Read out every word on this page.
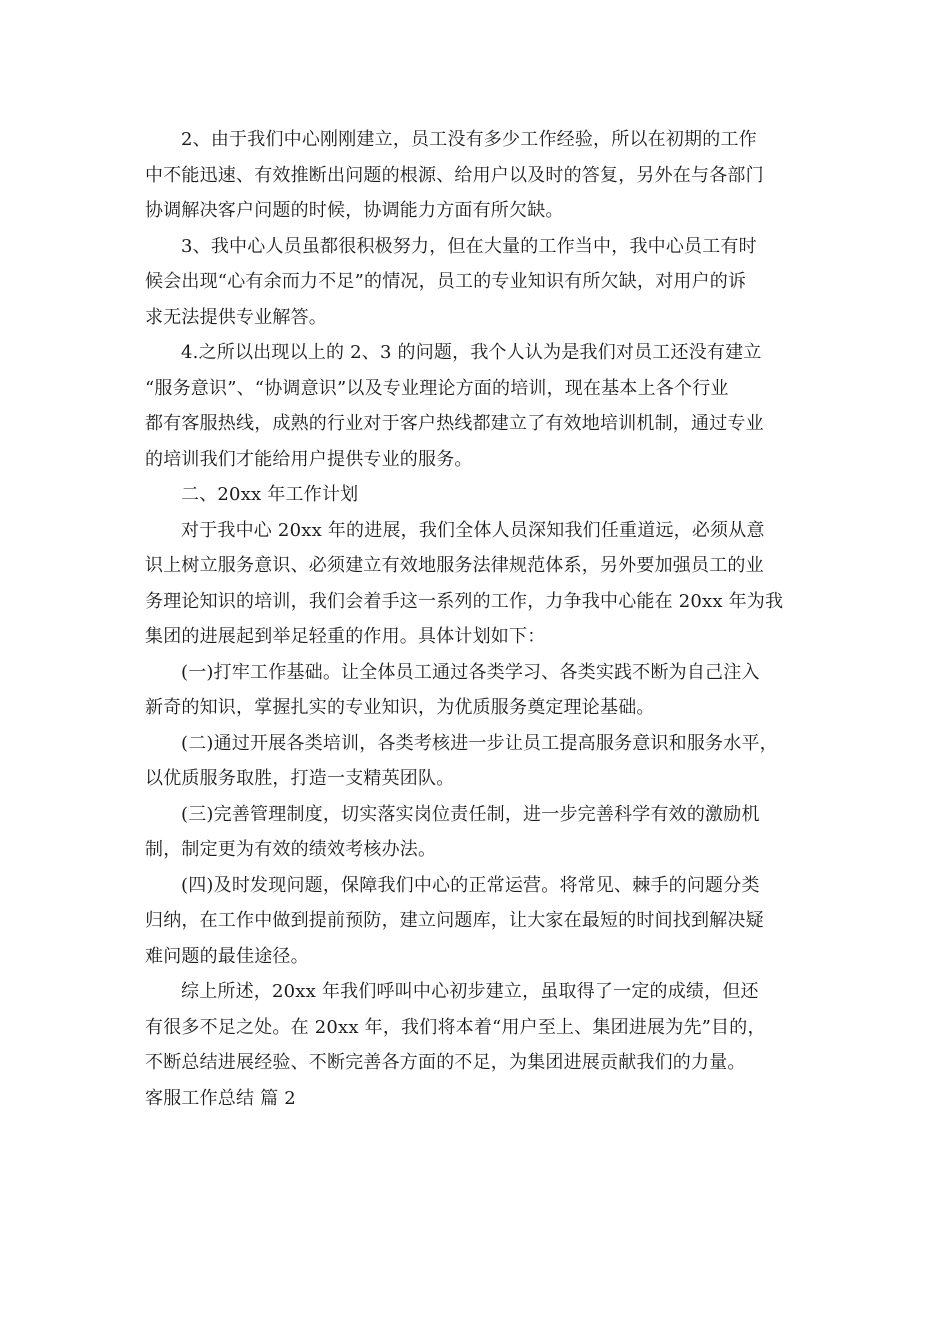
2、由于我们中心刚刚建立，员工没有多少工作经验，所以在初期的工作
中不能迅速、有效推断出问题的根源、给用户以及时的答复，另外在与各部门
协调解决客户问题的时候，协调能力方面有所欠缺。

3、我中心人员虽都很积极努力，但在大量的工作当中，我中心员工有时
候会出现“心有余而力不足”的情况，员工的专业知识有所欠缺，对用户的诉
求无法提供专业解答。

4.之所以出现以上的 2、3 的问题，我个人认为是我们对员工还没有建立
“服务意识”、“协调意识”以及专业理论方面的培训，现在基本上各个行业
都有客服热线，成熟的行业对于客户热线都建立了有效地培训机制，通过专业
的培训我们才能给用户提供专业的服务。

二、20xx 年工作计划

对于我中心 20xx 年的进展，我们全体人员深知我们任重道远，必须从意
识上树立服务意识、必须建立有效地服务法律规范体系，另外要加强员工的业
务理论知识的培训，我们会着手这一系列的工作，力争我中心能在 20xx 年为我
集团的进展起到举足轻重的作用。具体计划如下：

(一)打牢工作基础。让全体员工通过各类学习、各类实践不断为自己注入
新奇的知识，掌握扎实的专业知识，为优质服务奠定理论基础。

(二)通过开展各类培训，各类考核进一步让员工提高服务意识和服务水平，
以优质服务取胜，打造一支精英团队。

(三)完善管理制度，切实落实岗位责任制，进一步完善科学有效的激励机
制，制定更为有效的绩效考核办法。

(四)及时发现问题，保障我们中心的正常运营。将常见、棘手的问题分类
归纳，在工作中做到提前预防，建立问题库，让大家在最短的时间找到解决疑
难问题的最佳途径。

综上所述，20xx 年我们呼叫中心初步建立，虽取得了一定的成绩，但还
有很多不足之处。在 20xx 年，我们将本着“用户至上、集团进展为先”目的，
不断总结进展经验、不断完善各方面的不足，为集团进展贡献我们的力量。

客服工作总结 篇 2
